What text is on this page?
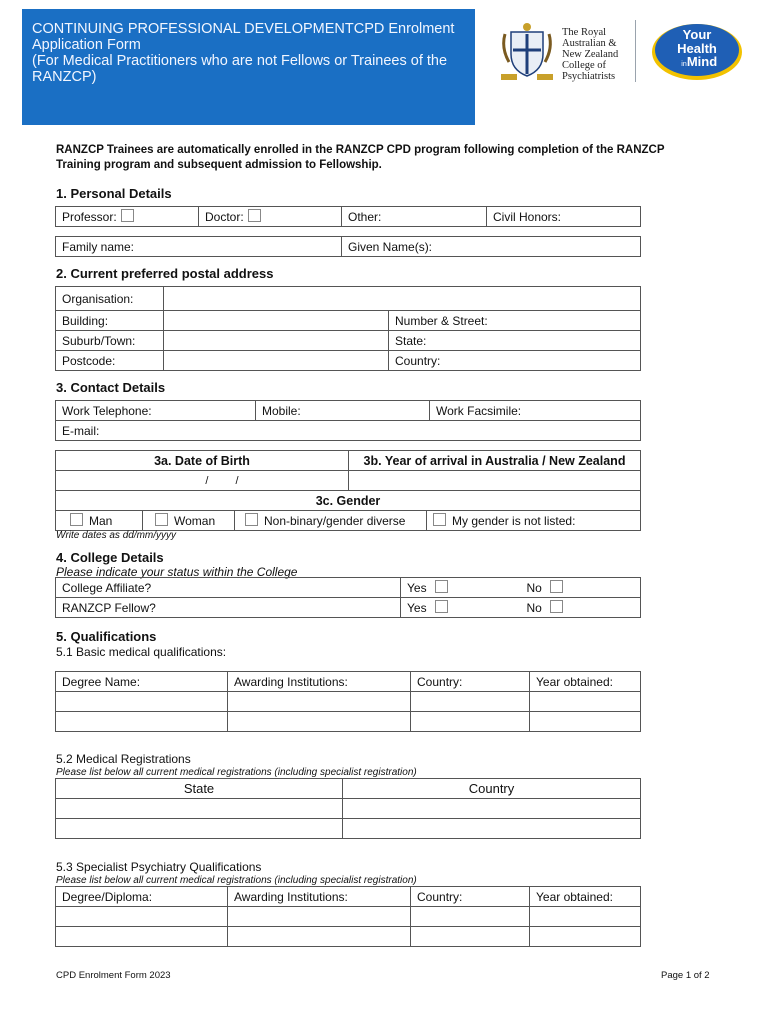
CONTINUING PROFESSIONAL DEVELOPMENTCPD Enrolment
Application Form
(For Medical Practitioners who are not Fellows or Trainees of the
RANZCP)
The Royal
Australian &
New Zealand
College of
Psychiatrists
Your
Health
in Mind
RANZCP Trainees are automatically enrolled in the RANZCP CPD program following completion of the RANZCP Training program and subsequent admission to Fellowship.
1. Personal Details
Professor:	Doctor:	Other:	Civil Honors:
Family name:	Given Name(s):
2. Current preferred postal address
Organisation:		
Building:		Number & Street:
Suburb/Town:		State:
Postcode:		Country:
3. Contact Details
Work Telephone:	Mobile:	Work Facsimile:
E-mail:
3a. Date of Birth			3b. Year of arrival in Australia / New Zealand	
/ /				
3c. Gender				
Man	Woman	Non-binary/gender diverse		My gender is not listed:
Write dates as dd/mm/yyyy
4. College Details
Please indicate your status within the College
College Affiliate?	Yes	No
RANZCP Fellow?	Yes	No
5. Qualifications
5.1 Basic medical qualifications:
Degree Name:	Awarding Institutions:	Country:	Year obtained:

5.2 Medical Registrations
Please list below all current medical registrations (including specialist registration)
State	Country

5.3 Specialist Psychiatry Qualifications
Please list below all current medical registrations (including specialist registration)
Degree/Diploma:	Awarding Institutions:	Country:	Year obtained:

CPD Enrolment Form 2023	Page 1 of 2
